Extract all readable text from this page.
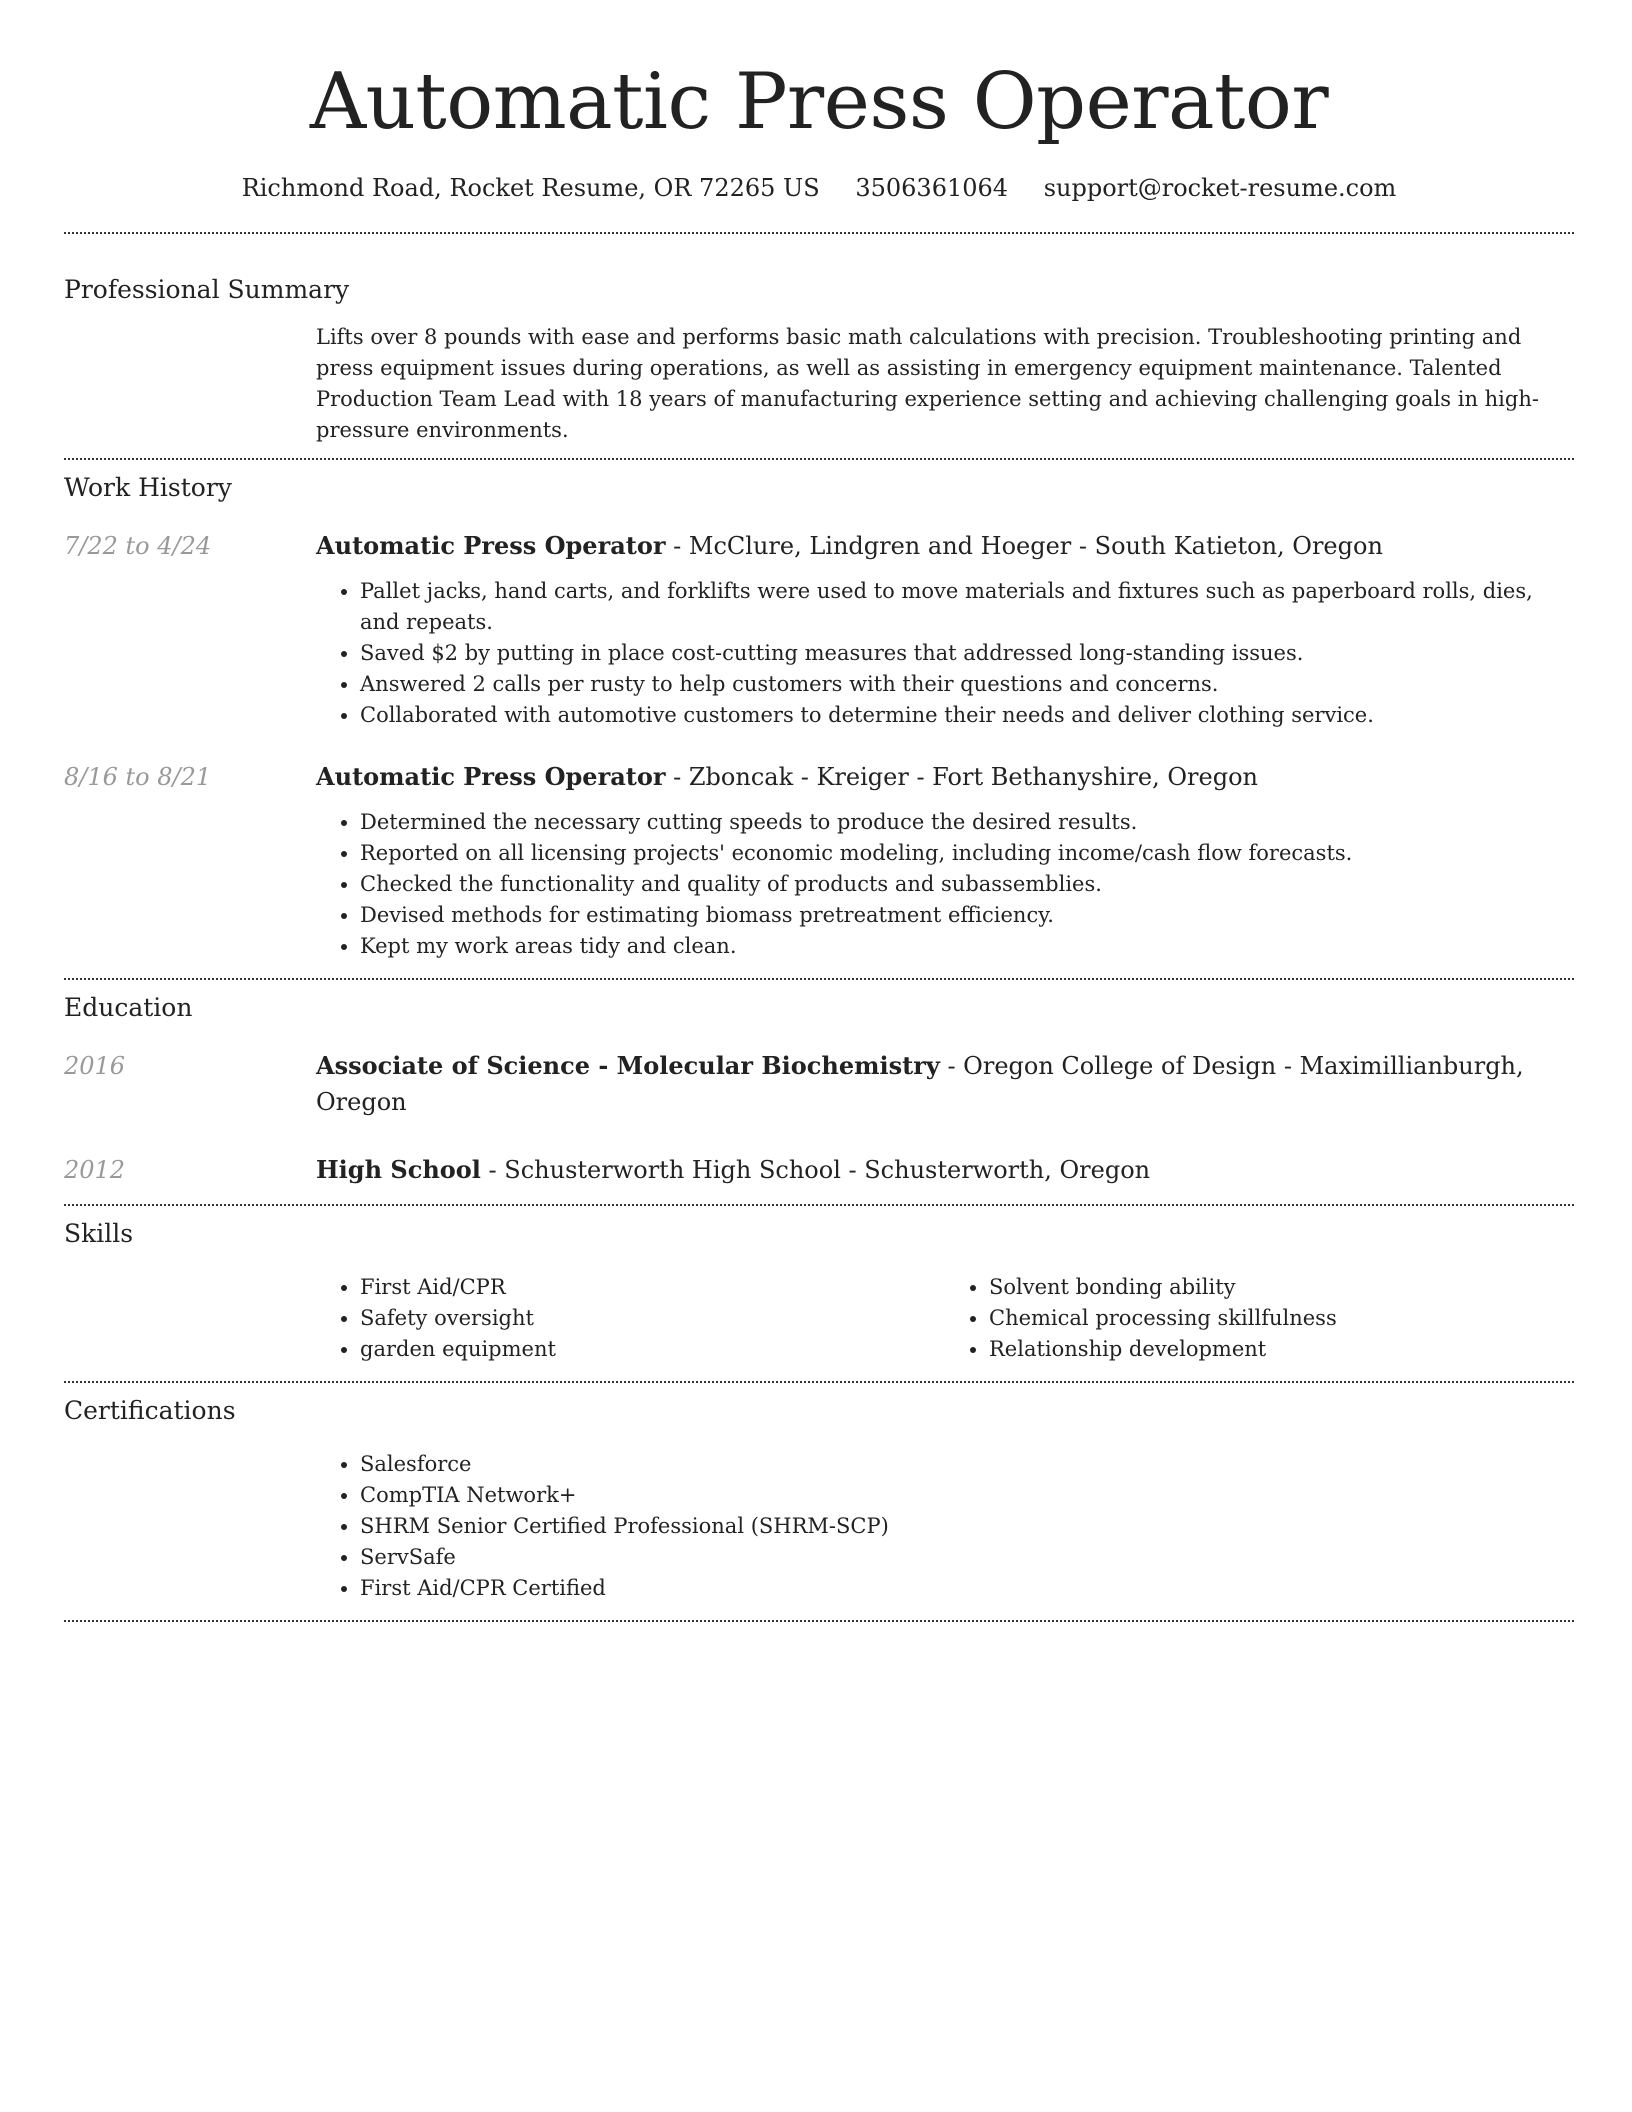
Automatic Press Operator
Richmond Road, Rocket Resume, OR 72265 US 3506361064 support@rocket-resume.com
Professional Summary

Lifts over 8 pounds with ease and performs basic math calculations with precision. Troubleshooting printing and press equipment issues during operations, as well as assisting in emergency equipment maintenance. Talented Production Team Lead with 18 years of manufacturing experience setting and achieving challenging goals in high-pressure environments.

Work History
7/22 to 4/24	Automatic Press Operator - McClure, Lindgren and Hoeger - South Katieton, Oregon
• Pallet jacks, hand carts, and forklifts were used to move materials and fixtures such as paperboard rolls, dies, and repeats.
• Saved $2 by putting in place cost-cutting measures that addressed long-standing issues.
• Answered 2 calls per rusty to help customers with their questions and concerns.
• Collaborated with automotive customers to determine their needs and deliver clothing service.
8/16 to 8/21	Automatic Press Operator - Zboncak - Kreiger - Fort Bethanyshire, Oregon
• Determined the necessary cutting speeds to produce the desired results.
• Reported on all licensing projects' economic modeling, including income/cash flow forecasts.
• Checked the functionality and quality of products and subassemblies.
• Devised methods for estimating biomass pretreatment efficiency.
• Kept my work areas tidy and clean.
Education
2016	Associate of Science - Molecular Biochemistry - Oregon College of Design - Maximillianburgh, Oregon
2012	High School - Schusterworth High School - Schusterworth, Oregon
Skills
• First Aid/CPR
• Safety oversight
• garden equipment
• Solvent bonding ability
• Chemical processing skillfulness
• Relationship development
Certifications
• Salesforce
• CompTIA Network+
• SHRM Senior Certified Professional (SHRM-SCP)
• ServSafe
• First Aid/CPR Certified
